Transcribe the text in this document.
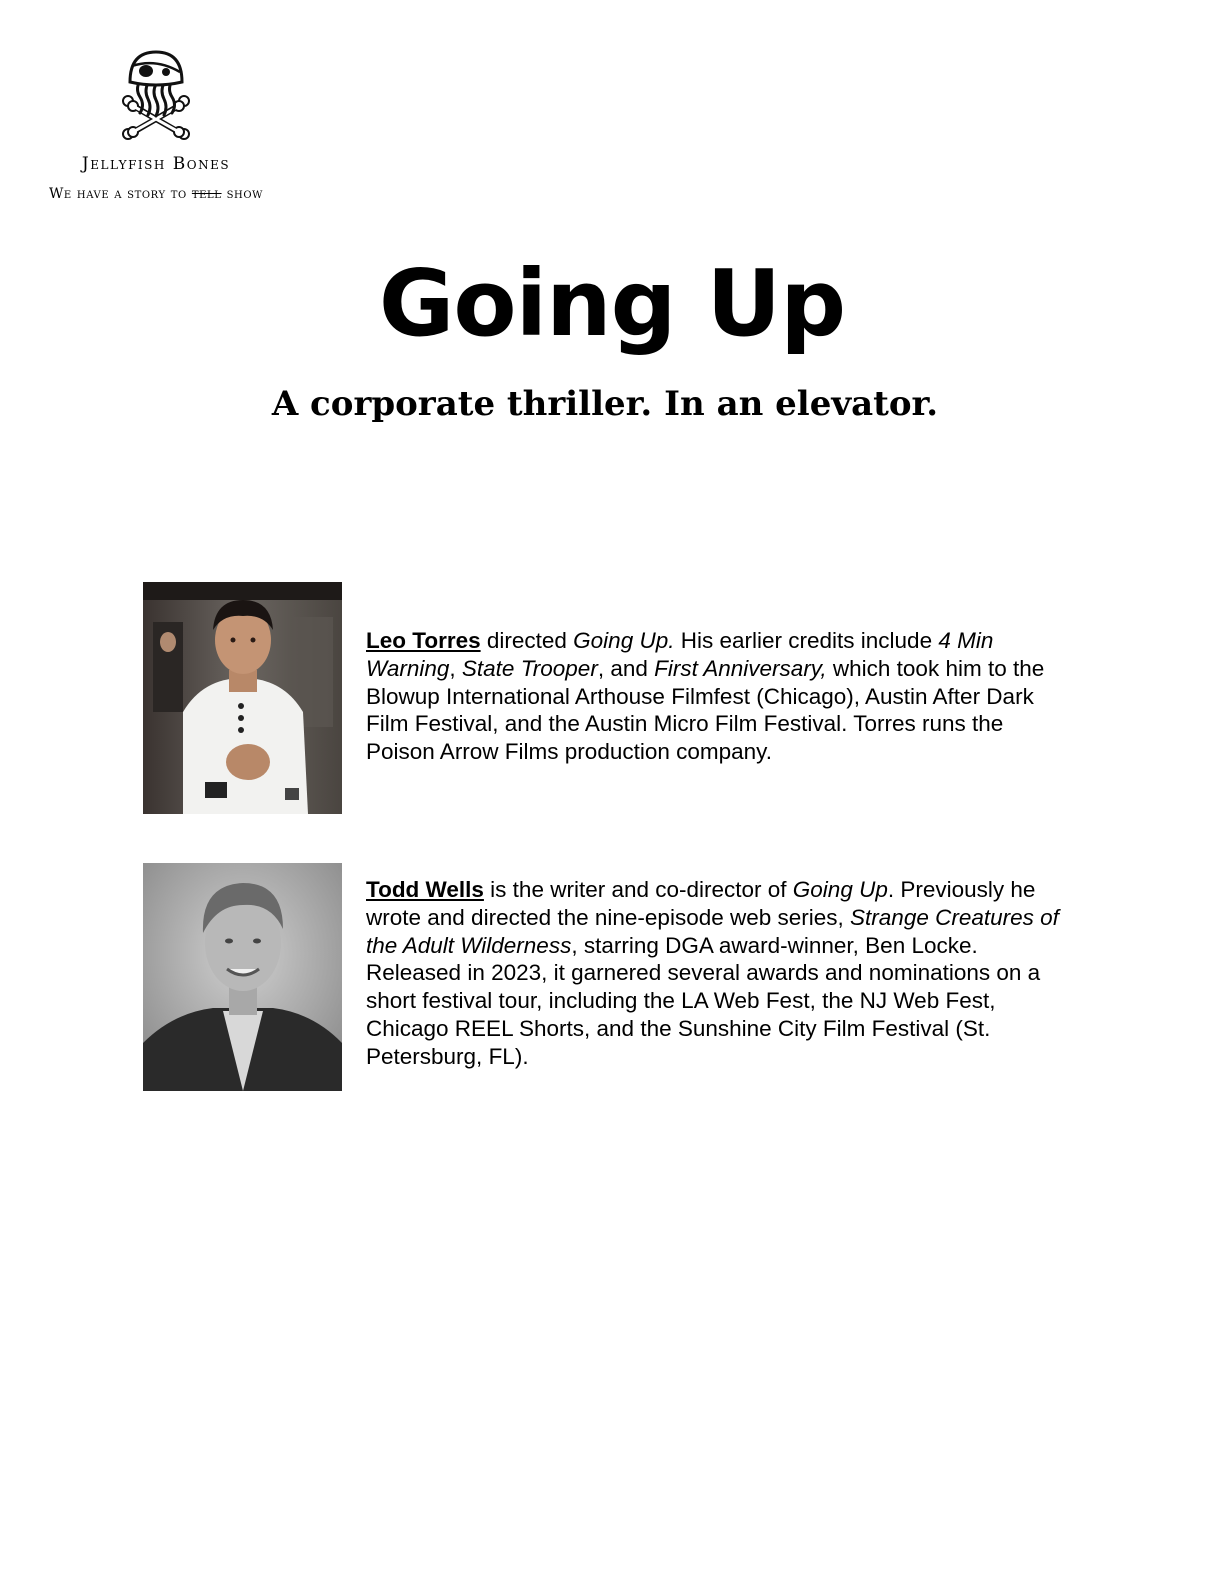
Jellyfish Bones
We have a story to tell show
Going Up
A corporate thriller. In an elevator.
Leo Torres directed Going Up. His earlier credits include 4 Min Warning, State Trooper, and First Anniversary, which took him to the Blowup International Arthouse Filmfest (Chicago), Austin After Dark Film Festival, and the Austin Micro Film Festival. Torres runs the Poison Arrow Films production company.
Todd Wells is the writer and co-director of Going Up. Previously he wrote and directed the nine-episode web series, Strange Creatures of the Adult Wilderness, starring DGA award-winner, Ben Locke. Released in 2023, it garnered several awards and nominations on a short festival tour, including the LA Web Fest, the NJ Web Fest, Chicago REEL Shorts, and the Sunshine City Film Festival (St. Petersburg, FL).
